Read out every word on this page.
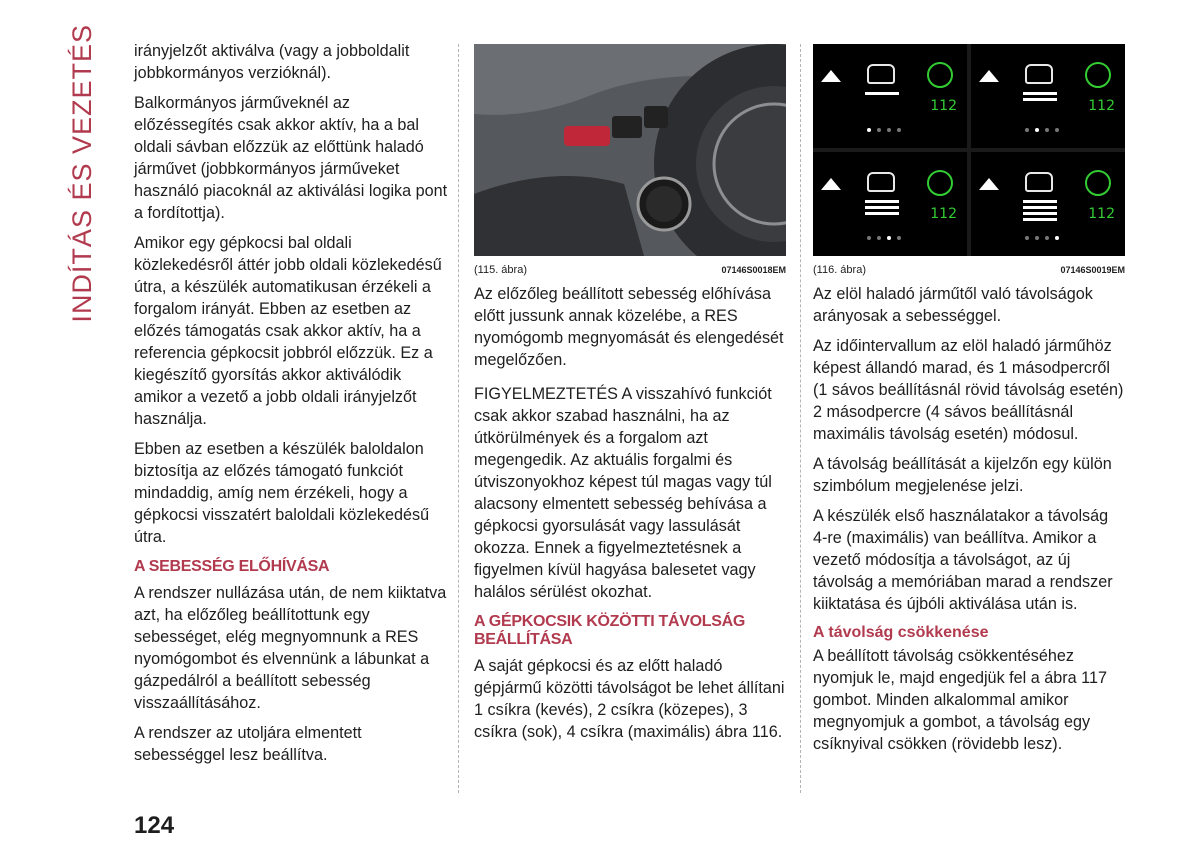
INDÍTÁS ÉS VEZETÉS irányjelzőt aktiválva (vagy a jobboldalit jobbkormányos verzióknál).

Balkormányos járműveknél az előzéssegítés csak akkor aktív, ha a bal oldali sávban előzzük az előttünk haladó járművet (jobbkormányos járműveket használó piacoknál az aktiválási logika pont a fordítottja).

Amikor egy gépkocsi bal oldali közlekedésről áttér jobb oldali közlekedésű útra, a készülék automatikusan érzékeli a forgalom irányát. Ebben az esetben az előzés támogatás csak akkor aktív, ha a referencia gépkocsit jobbról előzzük. Ez a kiegészítő gyorsítás akkor aktiválódik amikor a vezető a jobb oldali irányjelzőt használja.

Ebben az esetben a készülék baloldalon biztosítja az előzés támogató funkciót mindaddig, amíg nem érzékeli, hogy a gépkocsi visszatért baloldali közlekedésű útra.

A SEBESSÉG ELŐHÍVÁSA

A rendszer nullázása után, de nem kiiktatva azt, ha előzőleg beállítottunk egy sebességet, elég megnyomnunk a RES nyomógombot és elvennünk a lábunkat a gázpedálról a beállított sebesség visszaállításához.

A rendszer az utoljára elmentett sebességgel lesz beállítva.

(115. ábra)	07146S0018EM
112	112
112	112
(116. ábra)	07146S0019EM

Az előzőleg beállított sebesség előhívása előtt jussunk annak közelébe, a RES nyomógomb megnyomását és elengedését megelőzően.

FIGYELMEZTETÉS A visszahívó funkciót csak akkor szabad használni, ha az útkörülmények és a forgalom azt megengedik. Az aktuális forgalmi és útviszonyokhoz képest túl magas vagy túl alacsony elmentett sebesség behívása a gépkocsi gyorsulását vagy lassulását okozza. Ennek a figyelmeztetésnek a figyelmen kívül hagyása balesetet vagy halálos sérülést okozhat.

A GÉPKOCSIK KÖZÖTTI TÁVOLSÁG BEÁLLÍTÁSA

A saját gépkocsi és az előtt haladó gépjármű közötti távolságot be lehet állítani 1 csíkra (kevés), 2 csíkra (közepes), 3 csíkra (sok), 4 csíkra (maximális) ábra 116.

Az elöl haladó járműtől való távolságok arányosak a sebességgel.

Az időintervallum az elöl haladó járműhöz képest állandó marad, és 1 másodpercről (1 sávos beállításnál rövid távolság esetén) 2 másodpercre (4 sávos beállításnál maximális távolság esetén) módosul.

A távolság beállítását a kijelzőn egy külön szimbólum megjelenése jelzi.

A készülék első használatakor a távolság 4-re (maximális) van beállítva. Amikor a vezető módosítja a távolságot, az új távolság a memóriában marad a rendszer kiiktatása és újbóli aktiválása után is.

A távolság csökkenése

A beállított távolság csökkentéséhez nyomjuk le, majd engedjük fel a ábra 117 gombot. Minden alkalommal amikor megnyomjuk a gombot, a távolság egy csíknyival csökken (rövidebb lesz).

124
